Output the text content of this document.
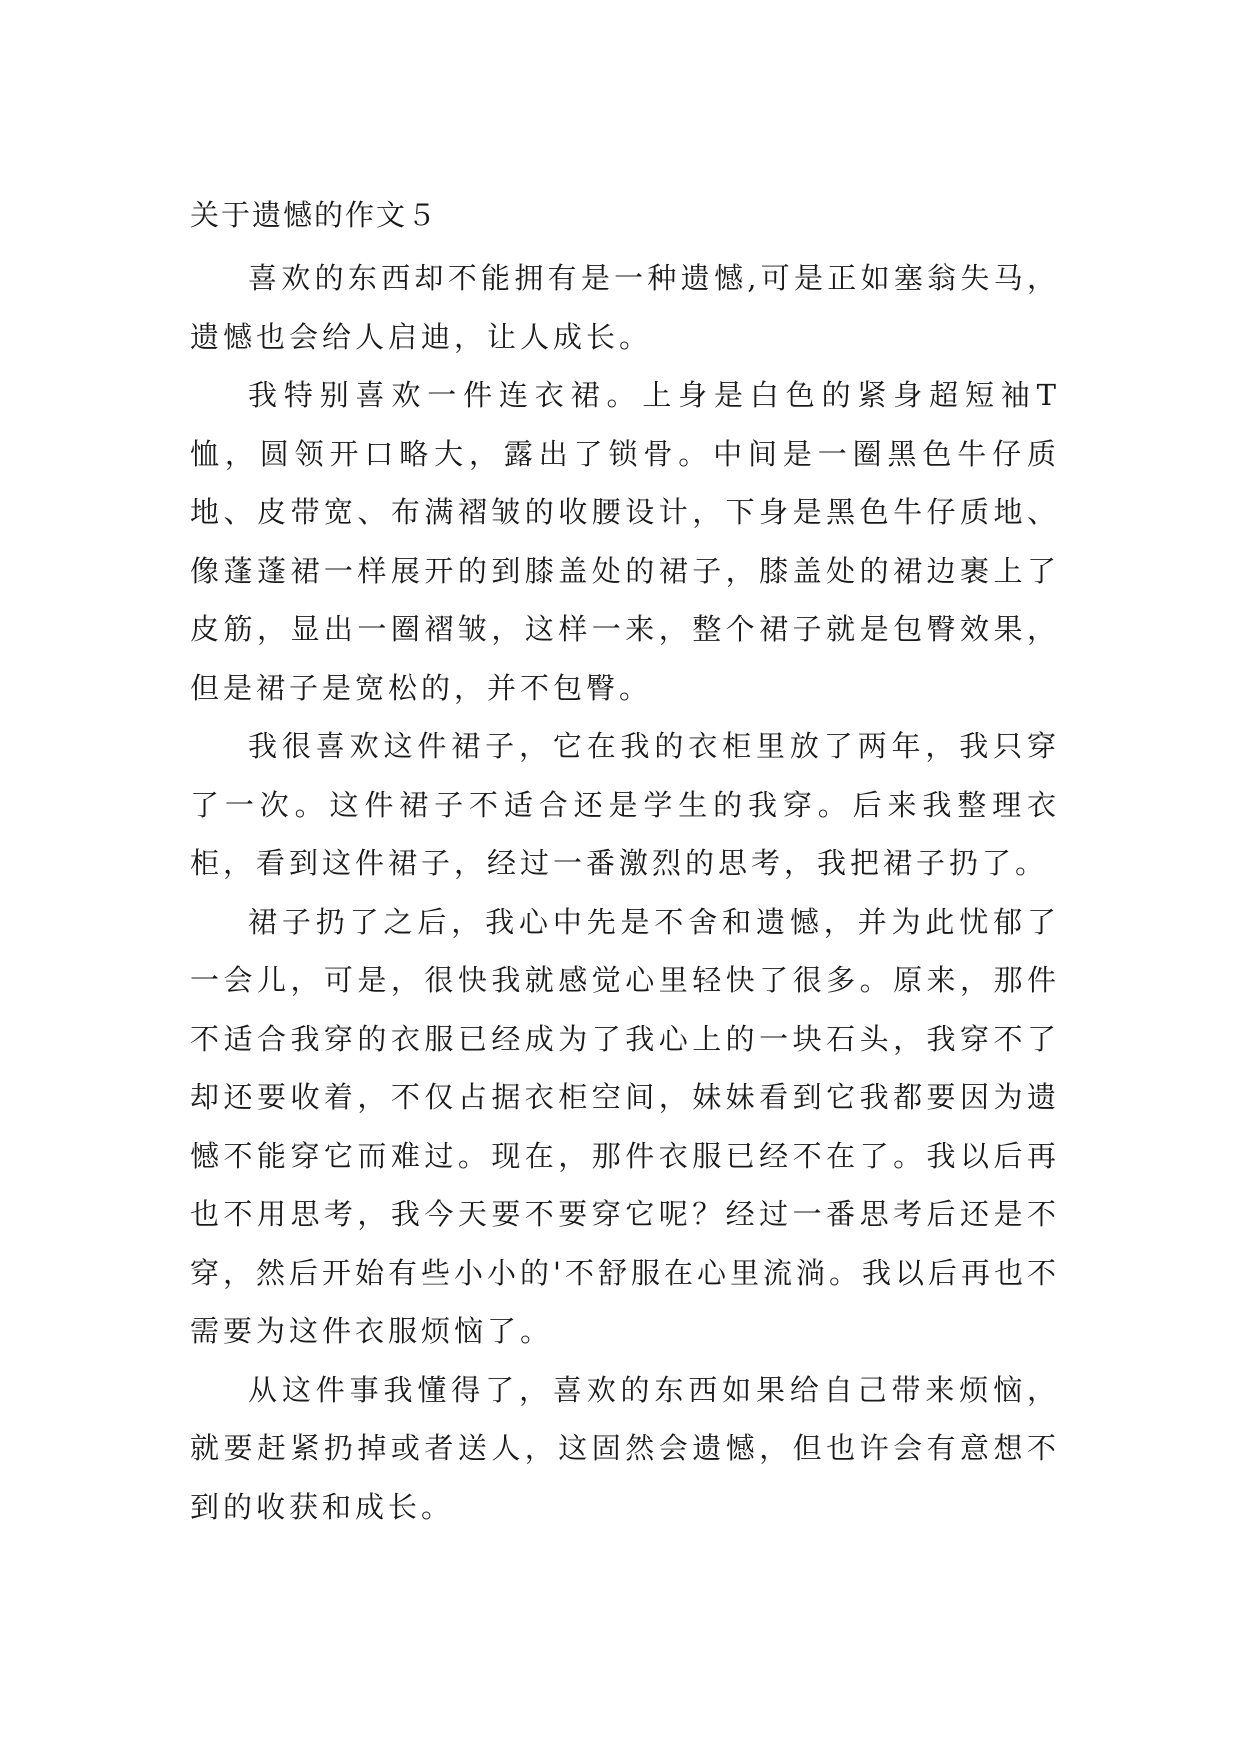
关于遗憾的作文５

喜欢的东西却不能拥有是一种遗憾,可是正如塞翁失马，遗憾也会给人启迪，让人成长。

我特别喜欢一件连衣裙。上身是白色的紧身超短袖T恤，圆领开口略大，露出了锁骨。中间是一圈黑色牛仔质地、皮带宽、布满褶皱的收腰设计，下身是黑色牛仔质地、像蓬蓬裙一样展开的到膝盖处的裙子，膝盖处的裙边裹上了皮筋，显出一圈褶皱，这样一来，整个裙子就是包臀效果，但是裙子是宽松的，并不包臀。

我很喜欢这件裙子，它在我的衣柜里放了两年，我只穿了一次。这件裙子不适合还是学生的我穿。后来我整理衣柜，看到这件裙子，经过一番激烈的思考，我把裙子扔了。

裙子扔了之后，我心中先是不舍和遗憾，并为此忧郁了一会儿，可是，很快我就感觉心里轻快了很多。原来，那件不适合我穿的衣服已经成为了我心上的一块石头，我穿不了却还要收着，不仅占据衣柜空间，妹妹看到它我都要因为遗憾不能穿它而难过。现在，那件衣服已经不在了。我以后再也不用思考，我今天要不要穿它呢？经过一番思考后还是不穿，然后开始有些小小的'不舒服在心里流淌。我以后再也不需要为这件衣服烦恼了。

从这件事我懂得了，喜欢的东西如果给自己带来烦恼，就要赶紧扔掉或者送人，这固然会遗憾，但也许会有意想不到的收获和成长。
